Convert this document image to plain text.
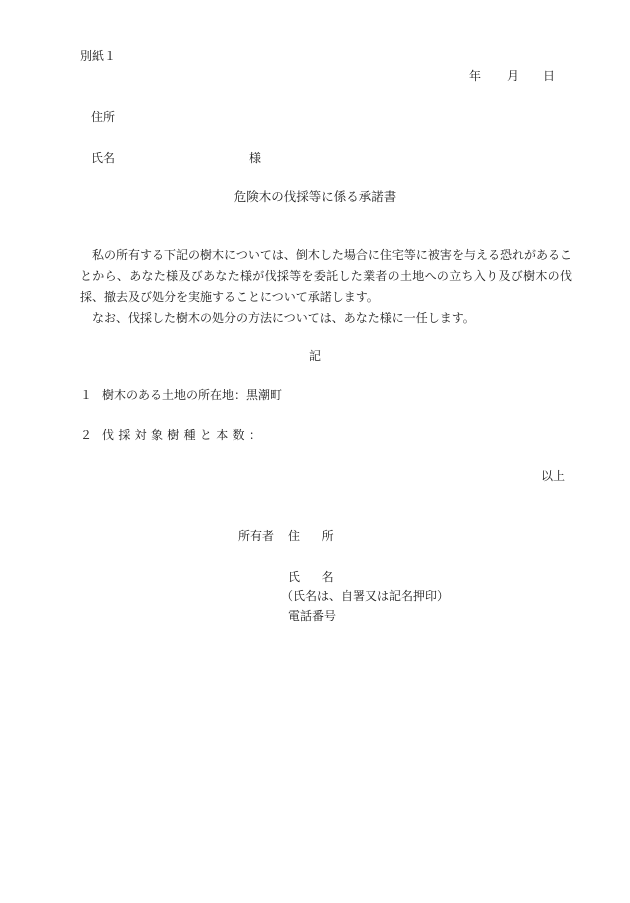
別紙１
年 月 日
住所
氏名	様
危険木の伐採等に係る承諾書

私の所有する下記の樹木については、倒木した場合に住宅等に被害を与える恐れがあることから、あなた様及びあなた様が伐採等を委託した業者の土地への立ち入り及び樹木の伐採、撤去及び処分を実施することについて承諾します。

なお、伐採した樹木の処分の方法については、あなた様に一任します。

記
１ 樹木のある土地の所在地：黒潮町
２ 伐採対象樹種と本数：
以上
所有者 住所
氏名
（氏名は、自署又は記名押印）
電話番号
